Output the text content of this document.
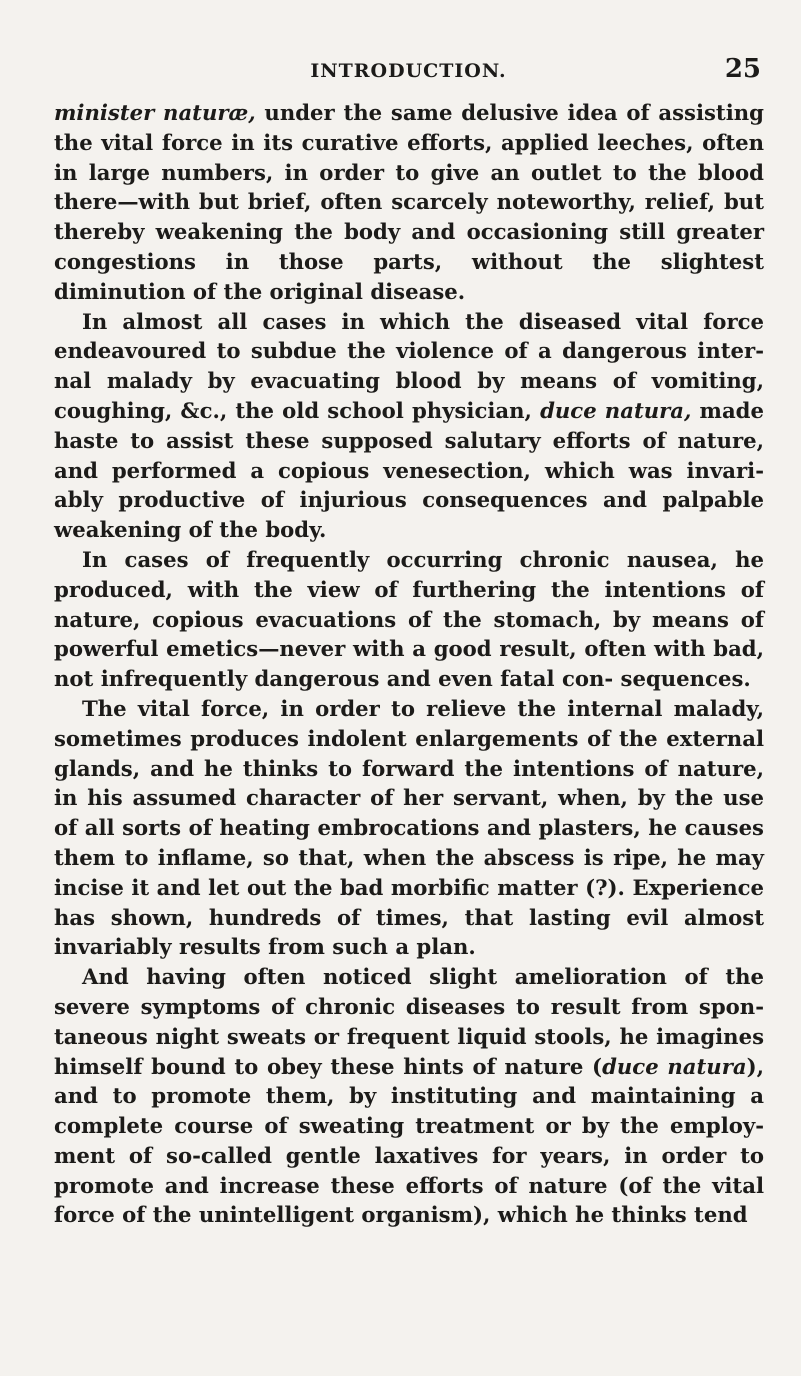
INTRODUCTION.	25

minister naturæ, under the same delusive idea of assisting the vital force in its curative efforts, applied leeches, often in large numbers, in order to give an outlet to the blood there—with but brief, often scarcely noteworthy, relief, but thereby weakening the body and occasioning still greater congestions in those parts, without the slightest diminution of the original disease.

In almost all cases in which the diseased vital force endeavoured to subdue the violence of a dangerous inter- nal malady by evacuating blood by means of vomiting, coughing, &c., the old school physician, duce natura, made haste to assist these supposed salutary efforts of nature, and performed a copious venesection, which was invari- ably productive of injurious consequences and palpable weakening of the body.

In cases of frequently occurring chronic nausea, he produced, with the view of furthering the intentions of nature, copious evacuations of the stomach, by means of powerful emetics—never with a good result, often with bad, not infrequently dangerous and even fatal con- sequences.

The vital force, in order to relieve the internal malady, sometimes produces indolent enlargements of the external glands, and he thinks to forward the intentions of nature, in his assumed character of her servant, when, by the use of all sorts of heating embrocations and plasters, he causes them to inflame, so that, when the abscess is ripe, he may incise it and let out the bad morbific matter (?). Experience has shown, hundreds of times, that lasting evil almost invariably results from such a plan.

And having often noticed slight amelioration of the severe symptoms of chronic diseases to result from spon- taneous night sweats or frequent liquid stools, he imagines himself bound to obey these hints of nature (duce natura), and to promote them, by instituting and maintaining a complete course of sweating treatment or by the employ- ment of so-called gentle laxatives for years, in order to promote and increase these efforts of nature (of the vital force of the unintelligent organism), which he thinks tend
